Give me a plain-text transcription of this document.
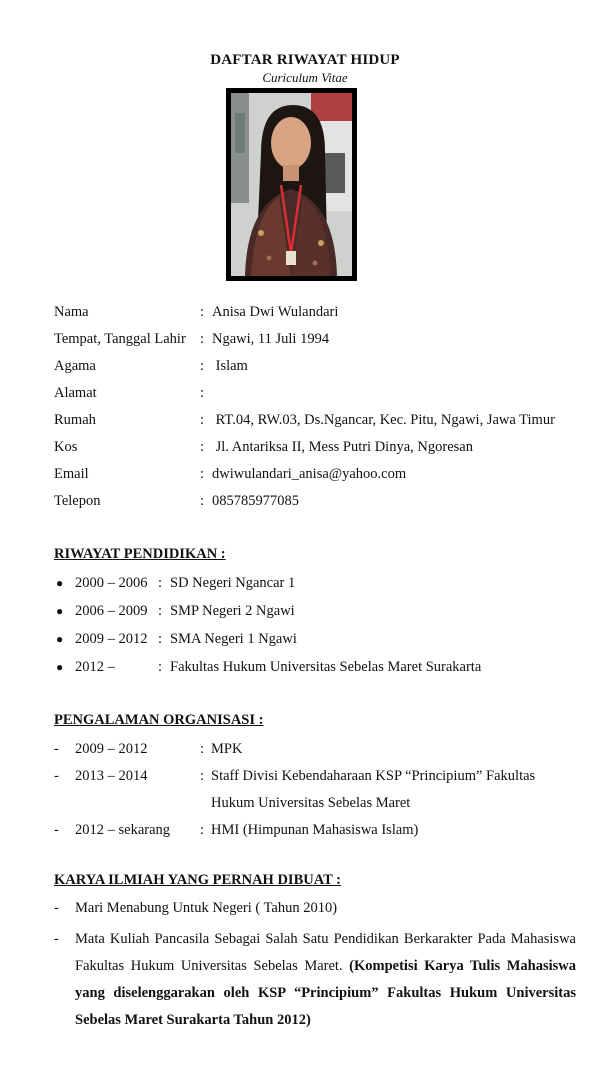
DAFTAR RIWAYAT HIDUP
Curiculum Vitae
Nama	: Anisa Dwi Wulandari
Tempat, Tanggal Lahir : Ngawi, 11 Juli 1994
Agama	: Islam
Alamat	:
Rumah	: RT.04, RW.03, Ds.Ngancar, Kec. Pitu, Ngawi, Jawa Timur
Kos	: Jl. Antariksa II, Mess Putri Dinya, Ngoresan
Email	: dwiwulandari_anisa@yahoo.com
Telepon	: 085785977085
RIWAYAT PENDIDIKAN :
● 2000 – 2006 : SD Negeri Ngancar 1
● 2006 – 2009 : SMP Negeri 2 Ngawi
● 2009 – 2012 : SMA Negeri 1 Ngawi
● 2012 –	: Fakultas Hukum Universitas Sebelas Maret Surakarta
PENGALAMAN ORGANISASI :
- 2009 – 2012	: MPK
- 2013 – 2014	: Staff Divisi Kebendaharaan KSP “Principium” Fakultas
Hukum Universitas Sebelas Maret
- 2012 – sekarang : HMI (Himpunan Mahasiswa Islam)
KARYA ILMIAH YANG PERNAH DIBUAT :
- Mari Menabung Untuk Negeri ( Tahun 2010)
- Mata Kuliah Pancasila Sebagai Salah Satu Pendidikan Berkarakter Pada Mahasiswa Fakultas Hukum Universitas Sebelas Maret. (Kompetisi Karya Tulis Mahasiswa yang diselenggarakan oleh KSP “Principium” Fakultas Hukum Universitas Sebelas Maret Surakarta Tahun 2012)
